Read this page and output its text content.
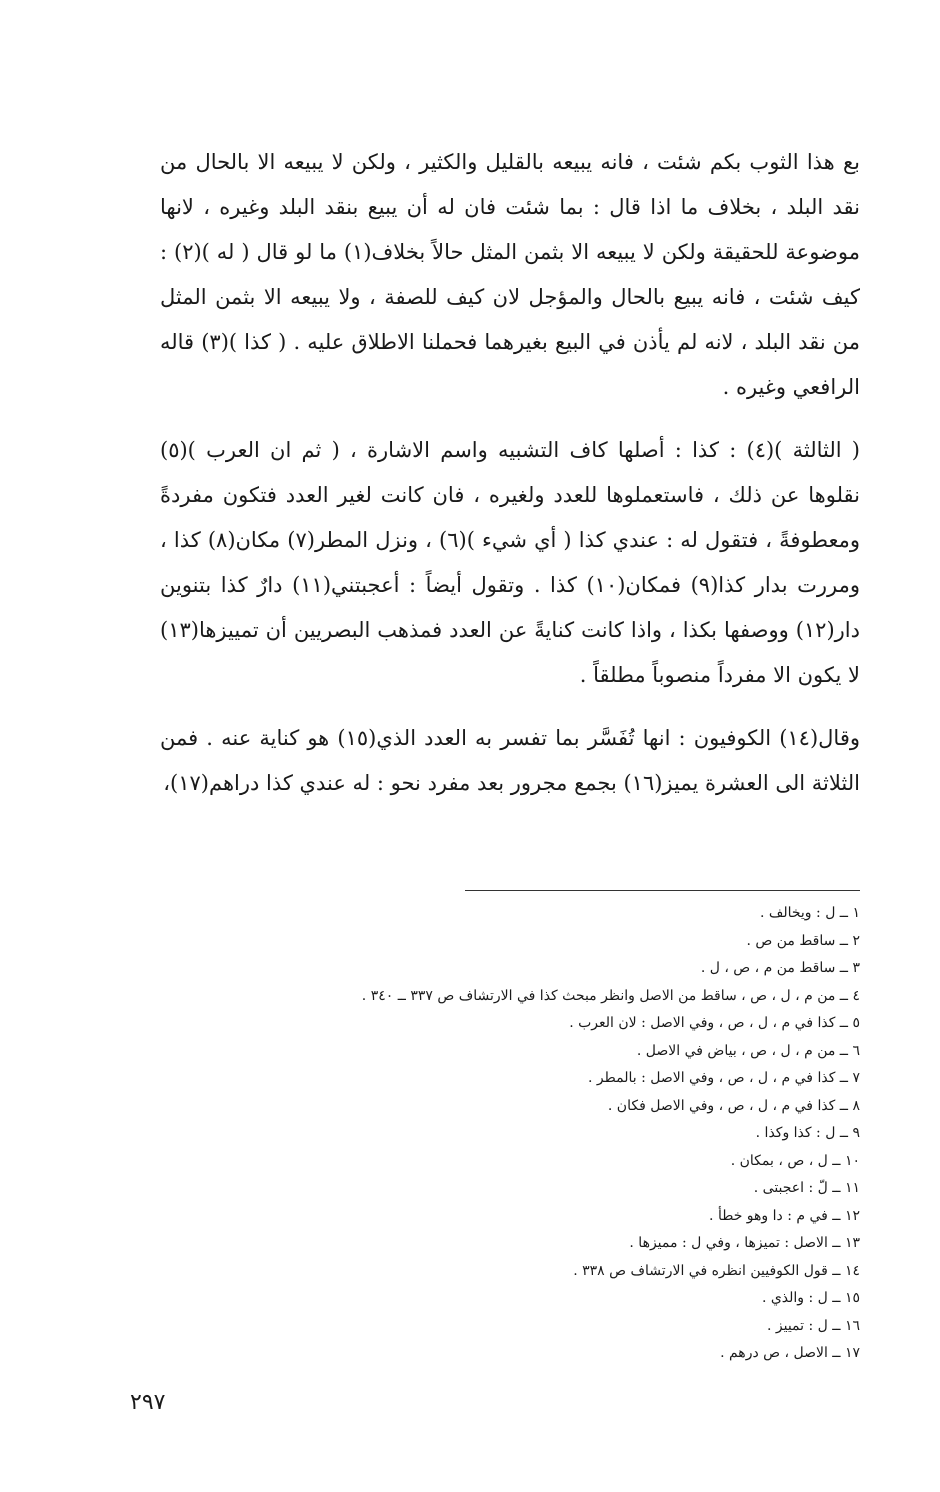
بع هذا الثوب بكم شئت ، فانه يبيعه بالقليل والكثير ، ولكن لا يبيعه الا بالحال من نقد البلد ، بخلاف ما اذا قال : بما شئت فان له أن يبيع بنقد البلد وغيره ، لانها موضوعة للحقيقة ولكن لا يبيعه الا بثمن المثل حالاً بخلاف(١) ما لو قال ( له )(٢) : كيف شئت ، فانه يبيع بالحال والمؤجل لان كيف للصفة ، ولا يبيعه الا بثمن المثل من نقد البلد ، لانه لم يأذن في البيع بغيرهما فحملنا الاطلاق عليه . ( كذا )(٣) قاله الرافعي وغيره .

( الثالثة )(٤) : كذا : أصلها كاف التشبيه واسم الاشارة ، ( ثم ان العرب )(٥) نقلوها عن ذلك ، فاستعملوها للعدد ولغيره ، فان كانت لغير العدد فتكون مفردةً ومعطوفةً ، فتقول له : عندي كذا ( أي شيء )(٦) ، ونزل المطر(٧) مكان(٨) كذا ، ومررت بدار كذا(٩) فمكان(١٠) كذا . وتقول أيضاً : أعجبتني(١١) دارٌ كذا بتنوين دار(١٢) ووصفها بكذا ، واذا كانت كنايةً عن العدد فمذهب البصريين أن تمييزها(١٣) لا يكون الا مفرداً منصوباً مطلقاً .

وقال(١٤) الكوفيون : انها تُفَسَّر بما تفسر به العدد الذي(١٥) هو كناية عنه . فمن الثلاثة الى العشرة يميز(١٦) بجمع مجرور بعد مفرد نحو : له عندي كذا دراهم(١٧)،

١ ــ ل : ويخالف .
٢ ــ ساقط من ص .
٣ ــ ساقط من م ، ص ، ل .
٤ ــ من م ، ل ، ص ، ساقط من الاصل وانظر مبحث كذا في الارتشاف ص ٣٣٧ ــ ٣٤٠ .
٥ ــ كذا في م ، ل ، ص ، وفي الاصل : لان العرب .
٦ ــ من م ، ل ، ص ، بياض في الاصل .
٧ ــ كذا في م ، ل ، ص ، وفي الاصل : بالمطر .
٨ ــ كذا في م ، ل ، ص ، وفي الاصل فكان .
٩ ــ ل : كذا وكذا .
١٠ ــ ل ، ص ، بمكان .
١١ ــ لّ : اعجبتى .
١٢ ــ في م : دا وهو خطأ .
١٣ ــ الاصل : تميزها ، وفي ل : مميزها .
١٤ ــ قول الكوفيين انظره في الارتشاف ص ٣٣٨ .
١٥ ــ ل : والذي .
١٦ ــ ل : تمييز .
١٧ ــ الاصل ، ص درهم .
٢٩٧
